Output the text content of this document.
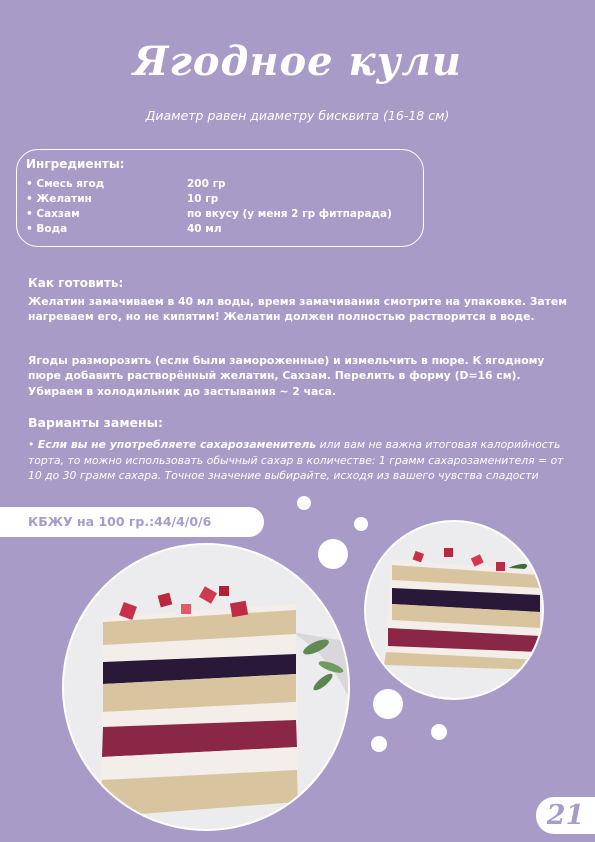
Ягодное кули
Диаметр равен диаметру бисквита (16-18 см)
Ингредиенты:
• Смесь ягод	200 гр
• Желатин	10 гр
• Сахзам	по вкусу (у меня 2 гр фитпарада)
• Вода	40 мл
Как готовить:
Желатин замачиваем в 40 мл воды, время замачивания смотрите на упаковке. Затем нагреваем его, но не кипятим! Желатин должен полностью растворится в воде.
Ягоды разморозить (если были замороженные) и измельчить в пюре. К ягодному пюре добавить растворённый желатин, Сахзам. Перелить в форму (D=16 см). Убираем в холодильник до застывания ~ 2 часа.
Варианты замены:
• Если вы не употребляете сахарозаменитель или вам не важна итоговая калорийность торта, то можно использовать обычный сахар в количестве: 1 грамм сахарозаменителя = от 10 до 30 грамм сахара. Точное значение выбирайте, исходя из вашего чувства сладости
КБЖУ на 100 гр.:44/4/0/6
21
